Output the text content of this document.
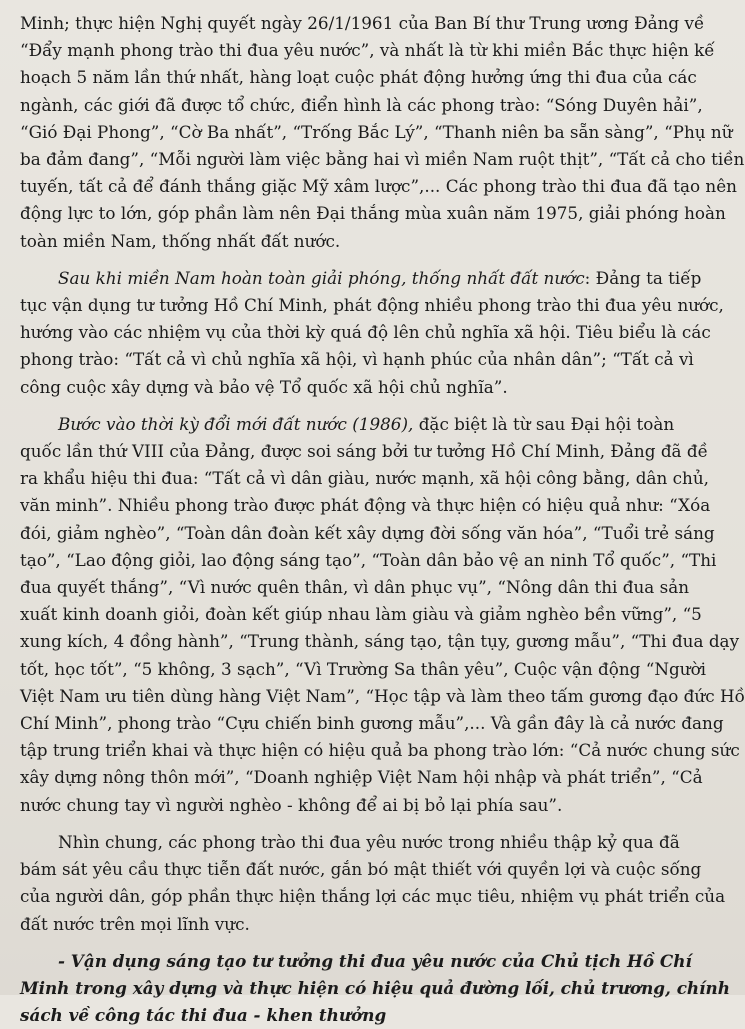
Minh; thực hiện Nghị quyết ngày 26/1/1961 của Ban Bí thư Trung ương Đảng về
“Đẩy mạnh phong trào thi đua yêu nước”, và nhất là từ khi miền Bắc thực hiện kế
hoạch 5 năm lần thứ nhất, hàng loạt cuộc phát động hưởng ứng thi đua của các
ngành, các giới đã được tổ chức, điển hình là các phong trào: “Sóng Duyên hải”,
“Gió Đại Phong”, “Cờ Ba nhất”, “Trống Bắc Lý”, “Thanh niên ba sẵn sàng”, “Phụ nữ
ba đảm đang”, “Mỗi người làm việc bằng hai vì miền Nam ruột thịt”, “Tất cả cho tiền
tuyến, tất cả để đánh thắng giặc Mỹ xâm lược”,... Các phong trào thi đua đã tạo nên
động lực to lớn, góp phần làm nên Đại thắng mùa xuân năm 1975, giải phóng hoàn
toàn miền Nam, thống nhất đất nước.

Sau khi miền Nam hoàn toàn giải phóng, thống nhất đất nước: Đảng ta tiếp
tục vận dụng tư tưởng Hồ Chí Minh, phát động nhiều phong trào thi đua yêu nước,
hướng vào các nhiệm vụ của thời kỳ quá độ lên chủ nghĩa xã hội. Tiêu biểu là các
phong trào: “Tất cả vì chủ nghĩa xã hội, vì hạnh phúc của nhân dân”; “Tất cả vì
công cuộc xây dựng và bảo vệ Tổ quốc xã hội chủ nghĩa”.

Bước vào thời kỳ đổi mới đất nước (1986), đặc biệt là từ sau Đại hội toàn
quốc lần thứ VIII của Đảng, được soi sáng bởi tư tưởng Hồ Chí Minh, Đảng đã đề
ra khẩu hiệu thi đua: “Tất cả vì dân giàu, nước mạnh, xã hội công bằng, dân chủ,
văn minh”. Nhiều phong trào được phát động và thực hiện có hiệu quả như: “Xóa
đói, giảm nghèo”, “Toàn dân đoàn kết xây dựng đời sống văn hóa”, “Tuổi trẻ sáng
tạo”, “Lao động giỏi, lao động sáng tạo”, “Toàn dân bảo vệ an ninh Tổ quốc”, “Thi
đua quyết thắng”, “Vì nước quên thân, vì dân phục vụ”, “Nông dân thi đua sản
xuất kinh doanh giỏi, đoàn kết giúp nhau làm giàu và giảm nghèo bền vững”, “5
xung kích, 4 đồng hành”, “Trung thành, sáng tạo, tận tụy, gương mẫu”, “Thi đua dạy
tốt, học tốt”, “5 không, 3 sạch”, “Vì Trường Sa thân yêu”, Cuộc vận động “Người
Việt Nam ưu tiên dùng hàng Việt Nam”, “Học tập và làm theo tấm gương đạo đức Hồ
Chí Minh”, phong trào “Cựu chiến binh gương mẫu”,... Và gần đây là cả nước đang
tập trung triển khai và thực hiện có hiệu quả ba phong trào lớn: “Cả nước chung sức
xây dựng nông thôn mới”, “Doanh nghiệp Việt Nam hội nhập và phát triển”, “Cả
nước chung tay vì người nghèo - không để ai bị bỏ lại phía sau”.

Nhìn chung, các phong trào thi đua yêu nước trong nhiều thập kỷ qua đã
bám sát yêu cầu thực tiễn đất nước, gắn bó mật thiết với quyền lợi và cuộc sống
của người dân, góp phần thực hiện thắng lợi các mục tiêu, nhiệm vụ phát triển của
đất nước trên mọi lĩnh vực.

- Vận dụng sáng tạo tư tưởng thi đua yêu nước của Chủ tịch Hồ Chí
Minh trong xây dựng và thực hiện có hiệu quả đường lối, chủ trương, chính
sách về công tác thi đua - khen thưởng
